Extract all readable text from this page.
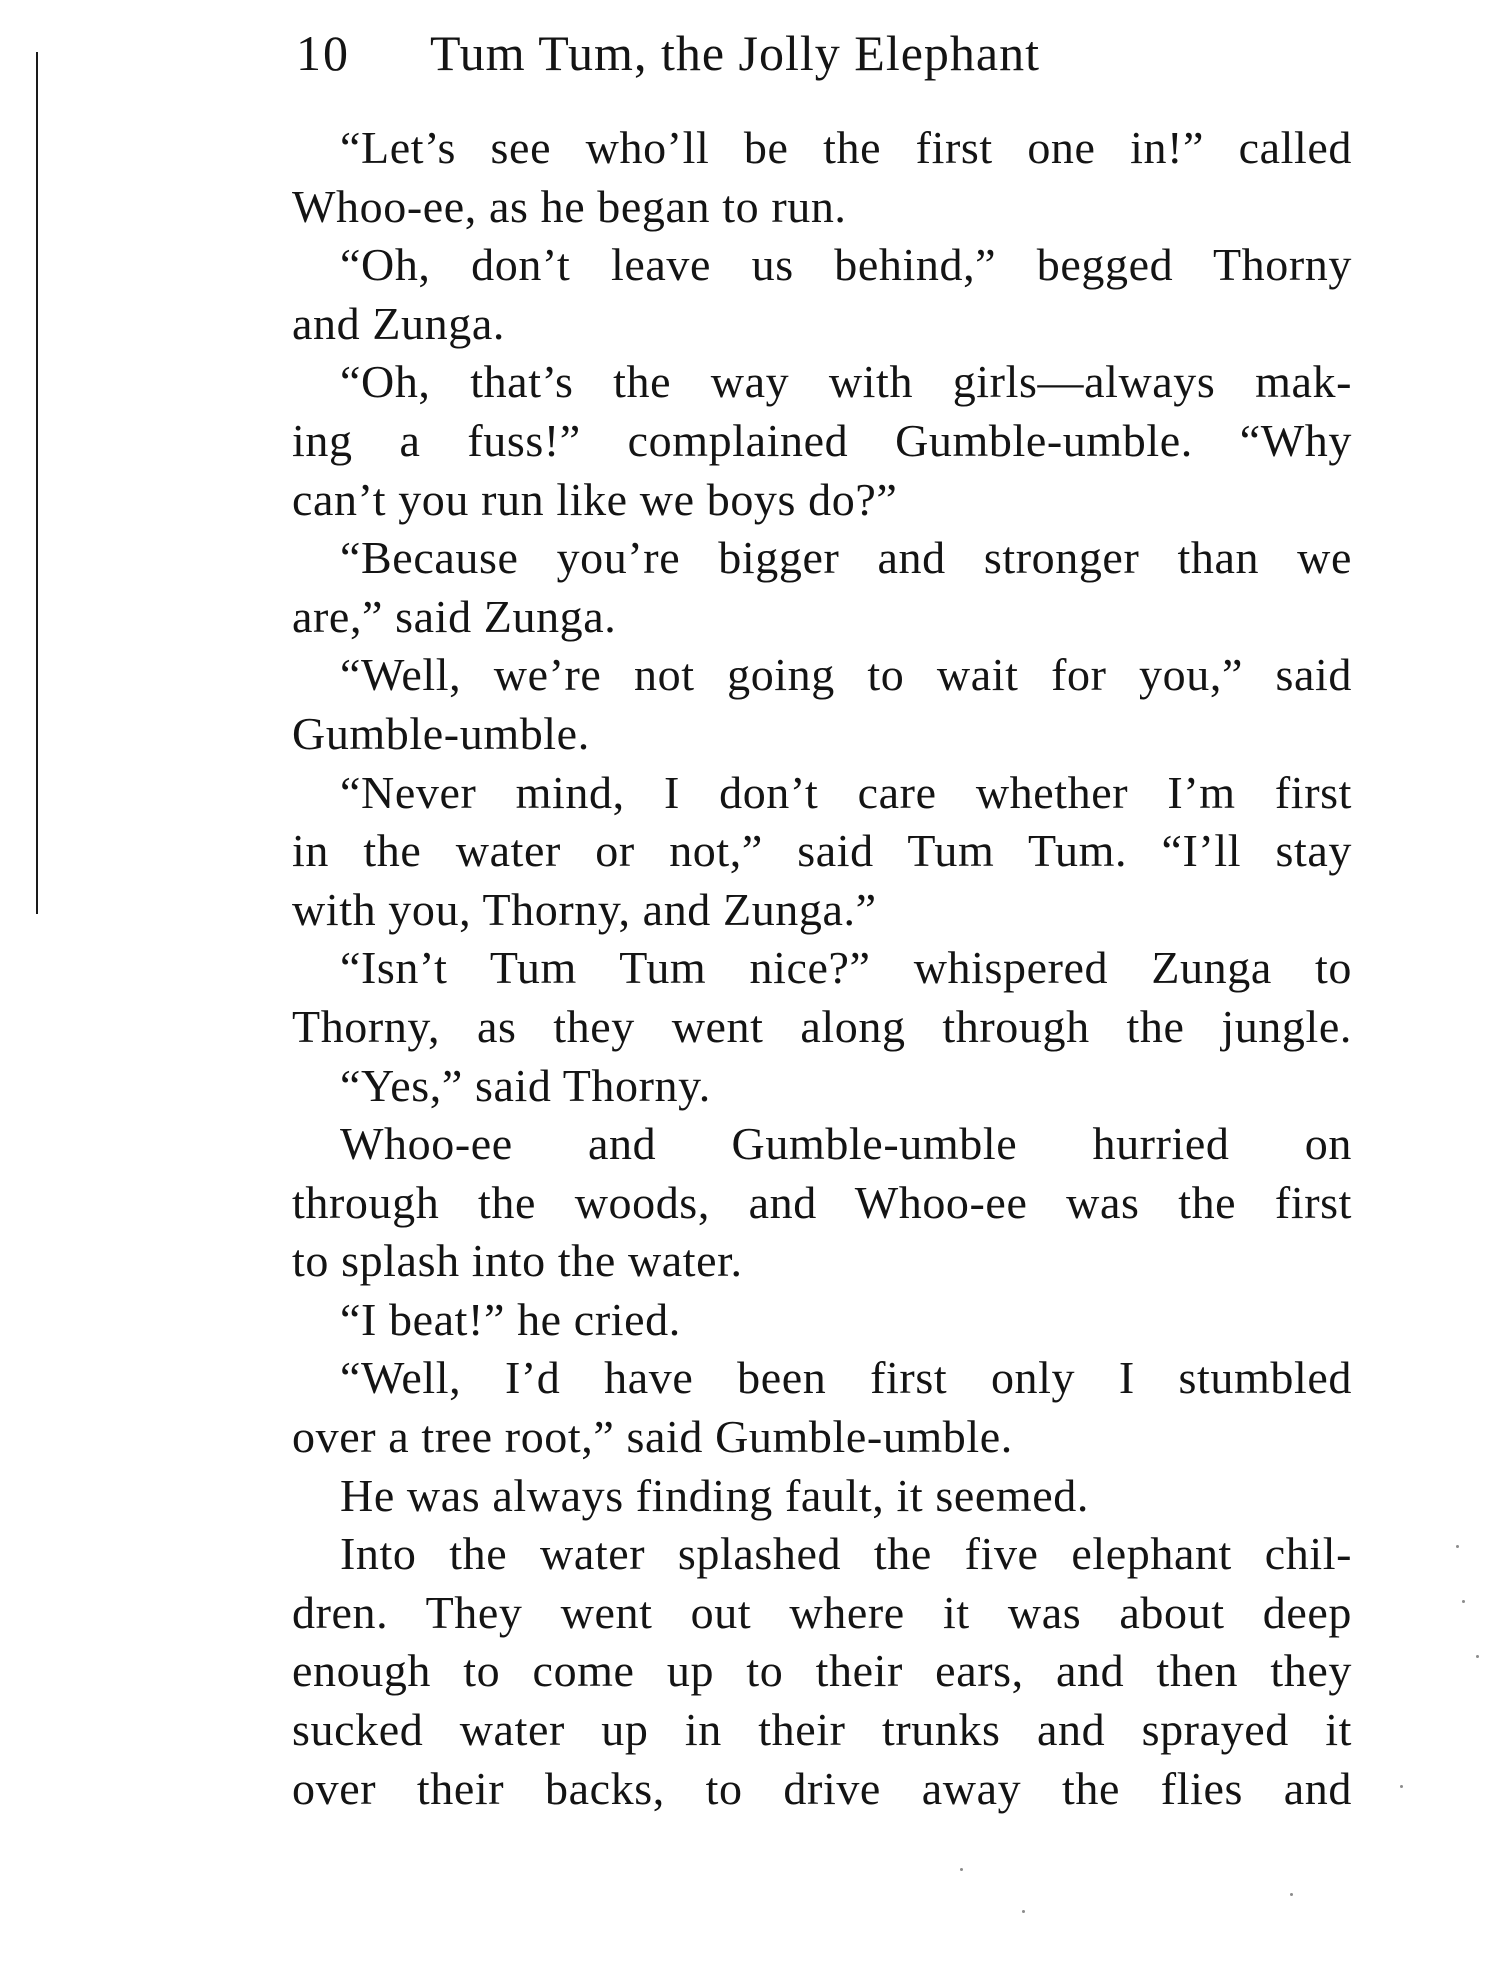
10 Tum Tum, the Jolly Elephant
“Let’s see who’ll be the first one in!” called
Whoo-ee, as he began to run.
“Oh, don’t leave us behind,” begged Thorny
and Zunga.
“Oh, that’s the way with girls—always mak-
ing a fuss!” complained Gumble-umble. “Why
can’t you run like we boys do?”
“Because you’re bigger and stronger than we
are,” said Zunga.
“Well, we’re not going to wait for you,” said
Gumble-umble.
“Never mind, I don’t care whether I’m first
in the water or not,” said Tum Tum. “I’ll stay
with you, Thorny, and Zunga.”
“Isn’t Tum Tum nice?” whispered Zunga to
Thorny, as they went along through the jungle.
“Yes,” said Thorny.
Whoo-ee and Gumble-umble hurried on
through the woods, and Whoo-ee was the first
to splash into the water.
“I beat!” he cried.
“Well, I’d have been first only I stumbled
over a tree root,” said Gumble-umble.
He was always finding fault, it seemed.
Into the water splashed the five elephant chil-
dren. They went out where it was about deep
enough to come up to their ears, and then they
sucked water up in their trunks and sprayed it
over their backs, to drive away the flies and
